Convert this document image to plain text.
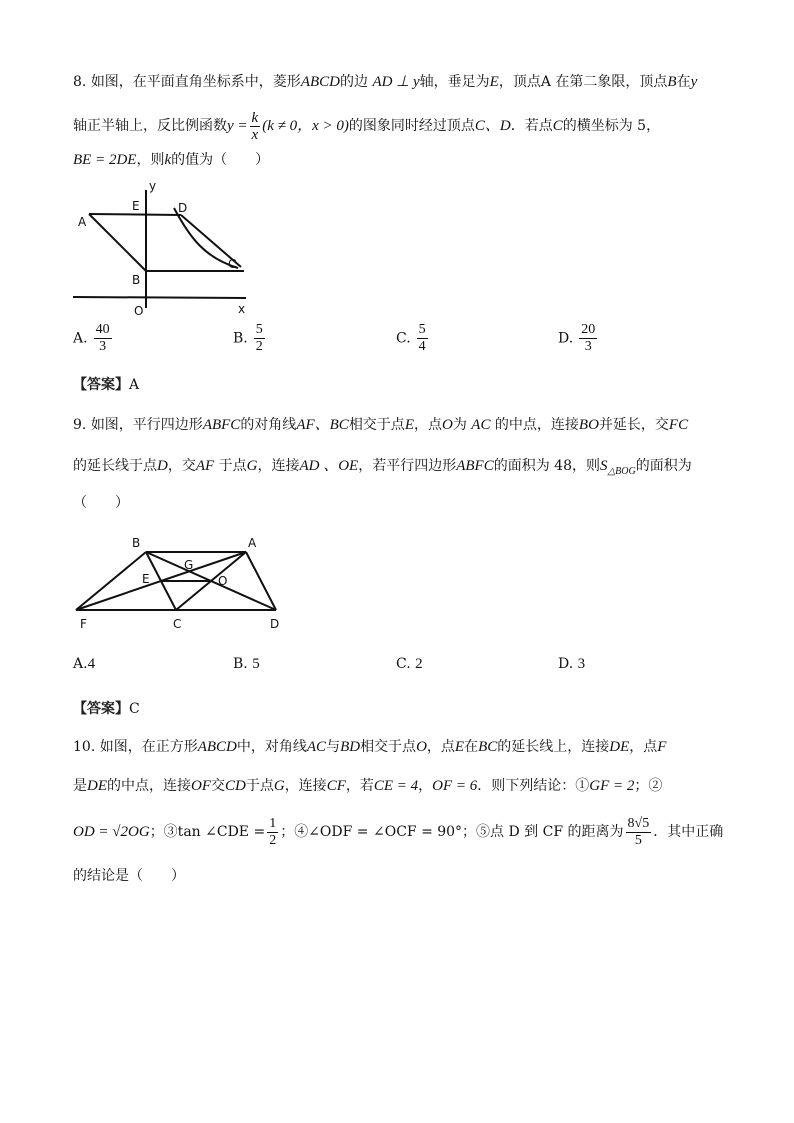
8. 如图，在平面直角坐标系中，菱形ABCD的边 AD ⊥ y轴，垂足为E，顶点A 在第二象限，顶点B在y
轴正半轴上，反比例函数$y = \frac{k}{x} (k \ne 0$，x > 0)的图象同时经过顶点C、D．若点C的横坐标为 5，
BE = 2DE，则k的值为（　　）
A
E	D
y
B
C
O	x
A. $\frac{40}{3}$	B. $\frac{5}{2}$	C. $\frac{5}{4}$	D. $\frac{20}{3}$
【答案】A
9. 如图，平行四边形ABFC的对角线AF、BC相交于点E，点O为 AC 的中点，连接BO并延长，交FC
的延长线于点D，交AF 于点G，连接AD 、OE，若平行四边形ABFC的面积为 48，则$S_{\triangle BOG}$的面积为
（　　）
B	A
E
G
O
F	C	D
A.4	B. 5	C. 2	D. 3
【答案】C
10. 如图，在正方形ABCD中，对角线AC与BD相交于点O，点E在BC的延长线上，连接DE，点F
是DE的中点，连接OF交CD于点G，连接CF，若CE = 4，OF = 6．则下列结论：①GF = 2；②
OD = √2OG；③tan ∠CDE = $\frac{1}{2}$ ；④∠ODF = ∠OCF = 90°；⑤点 D 到 CF 的距离为 $\frac{8√5}{5}$ ．其中正确
的结论是（　　）
